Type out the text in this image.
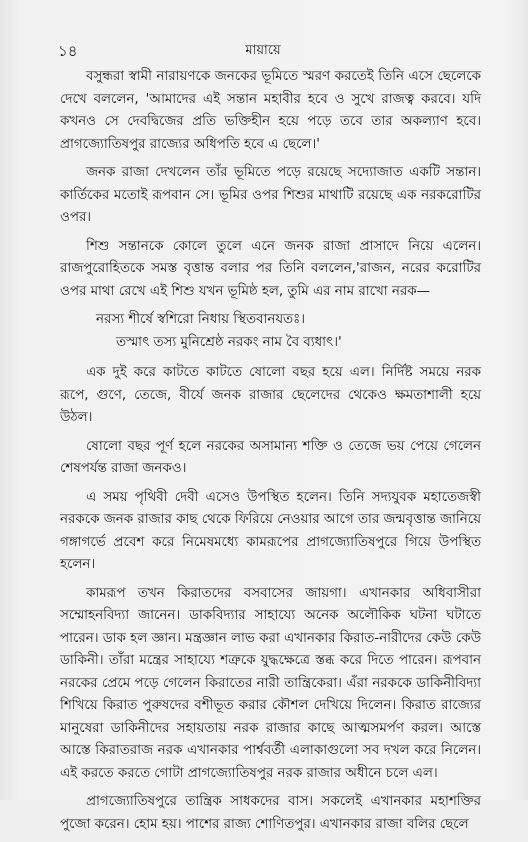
১৪	মায়ায়ে

বসুন্ধরা স্বামী নারায়ণকে জনকের ভূমিতে স্মরণ করতেই তিনি এসে ছেলেকে দেখে বললেন, 'আমাদের এই সন্তান মহাবীর হবে ও সুখে রাজত্ব করবে। যদি কখনও সে দেবদ্বিজের প্রতি ভক্তিহীন হয়ে পড়ে তবে তার অকল্যাণ হবে। প্রাগজ্যোতিষপুর রাজ্যের অধিপতি হবে এ ছেলে।'

জনক রাজা দেখলেন তাঁর ভূমিতে পড়ে রয়েছে সদ্যোজাত একটি সন্তান। কার্তিকের মতোই রূপবান সে। ভূমির ওপর শিশুর মাথাটি রয়েছে এক নরকরোটির ওপর।

শিশু সন্তানকে কোলে তুলে এনে জনক রাজা প্রাসাদে নিয়ে এলেন। রাজপুরোহিতকে সমস্ত বৃত্তান্ত বলার পর তিনি বললেন,'রাজন, নরের করোটির ওপর মাথা রেখে এই শিশু যখন ভূমিষ্ঠ হল, তুমি এর নাম রাখো নরক—

নরস্য শীর্ষে স্বশিরো নিধায় স্থিতবানযতঃ।
তস্মাৎ তস্য মুনিশ্রেষ্ঠ নরকং নাম বৈ ব্যধাৎ।'

এক দুই করে কাটতে কাটতে ষোলো বছর হয়ে এল। নির্দিষ্ট সময়ে নরক রূপে, গুণে, তেজে, বীর্যে জনক রাজার ছেলেদের থেকেও ক্ষমতাশালী হয়ে উঠল।

ষোলো বছর পূর্ণ হলে নরকের অসামান্য শক্তি ও তেজে ভয় পেয়ে গেলেন শেষপর্যন্ত রাজা জনকও।

এ সময় পৃথিবী দেবী এসেও উপস্থিত হলেন। তিনি সদ্যযুবক মহাতেজস্বী নরককে জনক রাজার কাছ থেকে ফিরিয়ে নেওয়ার আগে তার জন্মবৃত্তান্ত জানিয়ে গঙ্গাগর্ভে প্রবেশ করে নিমেষমধ্যে কামরূপের প্রাগজ্যোতিষপুরে গিয়ে উপস্থিত হলেন।

কামরূপ তখন কিরাতদের বসবাসের জায়গা। এখানকার অধিবাসীরা সম্মোহনবিদ্যা জানেন। ডাকবিদ্যার সাহায্যে অনেক অলৌকিক ঘটনা ঘটাতে পারেন। ডাক হল জ্ঞান। মন্ত্রজ্ঞান লাভ করা এখানকার কিরাত-নারীদের কেউ কেউ ডাকিনী। তাঁরা মন্ত্রের সাহায্যে শত্রুকে যুদ্ধক্ষেত্রে স্তব্ধ করে দিতে পারেন। রূপবান নরকের প্রেমে পড়ে গেলেন কিরাতের নারী তান্ত্রিকেরা। এঁরা নরককে ডাকিনীবিদ্যা শিখিয়ে কিরাত পুরুষদের বশীভূত করার কৌশল দেখিয়ে দিলেন। কিরাত রাজ্যের মানুষেরা ডাকিনীদের সহায়তায় নরক রাজার কাছে আত্মসমর্পণ করল। আস্তে আস্তে কিরাতরাজ নরক এখানকার পার্শ্ববর্তী এলাকাগুলো সব দখল করে নিলেন। এই করতে করতে গোটা প্রাগজ্যোতিষপুর নরক রাজার অধীনে চলে এল।

প্রাগজ্যোতিষপুরে তান্ত্রিক সাধকদের বাস। সকলেই এখানকার মহাশক্তির পুজো করেন। হোম হয়। পাশের রাজ্য শোণিতপুর। এখানকার রাজা বলির ছেলে
